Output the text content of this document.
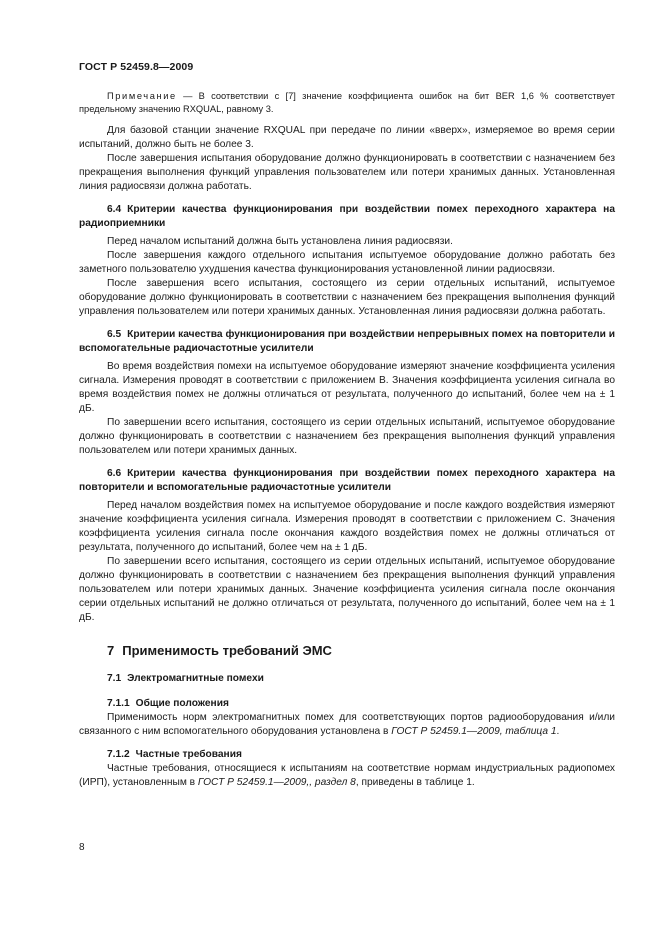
ГОСТ Р 52459.8—2009

Примечание — В соответствии с [7] значение коэффициента ошибок на бит BER 1,6 % соответствует предельному значению RXQUAL, равному 3.

Для базовой станции значение RXQUAL при передаче по линии «вверх», измеряемое во время серии испытаний, должно быть не более 3.

После завершения испытания оборудование должно функционировать в соответствии с назначением без прекращения выполнения функций управления пользователем или потери хранимых данных. Установленная линия радиосвязи должна работать.

6.4 Критерии качества функционирования при воздействии помех переходного характера на радиоприемники

Перед началом испытаний должна быть установлена линия радиосвязи.

После завершения каждого отдельного испытания испытуемое оборудование должно работать без заметного пользователю ухудшения качества функционирования установленной линии радиосвязи.

После завершения всего испытания, состоящего из серии отдельных испытаний, испытуемое оборудование должно функционировать в соответствии с назначением без прекращения выполнения функций управления пользователем или потери хранимых данных. Установленная линия радиосвязи должна работать.

6.5 Критерии качества функционирования при воздействии непрерывных помех на повторители и вспомогательные радиочастотные усилители

Во время воздействия помехи на испытуемое оборудование измеряют значение коэффициента усиления сигнала. Измерения проводят в соответствии с приложением В. Значения коэффициента усиления сигнала во время воздействия помех не должны отличаться от результата, полученного до испытаний, более чем на ± 1 дБ.

По завершении всего испытания, состоящего из серии отдельных испытаний, испытуемое оборудование должно функционировать в соответствии с назначением без прекращения выполнения функций управления пользователем или потери хранимых данных.

6.6 Критерии качества функционирования при воздействии помех переходного характера на повторители и вспомогательные радиочастотные усилители

Перед началом воздействия помех на испытуемое оборудование и после каждого воздействия измеряют значение коэффициента усиления сигнала. Измерения проводят в соответствии с приложением С. Значения коэффициента усиления сигнала после окончания каждого воздействия помех не должны отличаться от результата, полученного до испытаний, более чем на ± 1 дБ.

По завершении всего испытания, состоящего из серии отдельных испытаний, испытуемое оборудование должно функционировать в соответствии с назначением без прекращения выполнения функций управления пользователем или потери хранимых данных. Значение коэффициента усиления сигнала после окончания серии отдельных испытаний не должно отличаться от результата, полученного до испытаний, более чем на ± 1 дБ.

7 Применимость требований ЭМС
7.1 Электромагнитные помехи
7.1.1 Общие положения

Применимость норм электромагнитных помех для соответствующих портов радиооборудования и/или связанного с ним вспомогательного оборудования установлена в ГОСТ Р 52459.1—2009, таблица 1.

7.1.2 Частные требования

Частные требования, относящиеся к испытаниям на соответствие нормам индустриальных радиопомех (ИРП), установленным в ГОСТ Р 52459.1—2009,, раздел 8, приведены в таблице 1.

8
